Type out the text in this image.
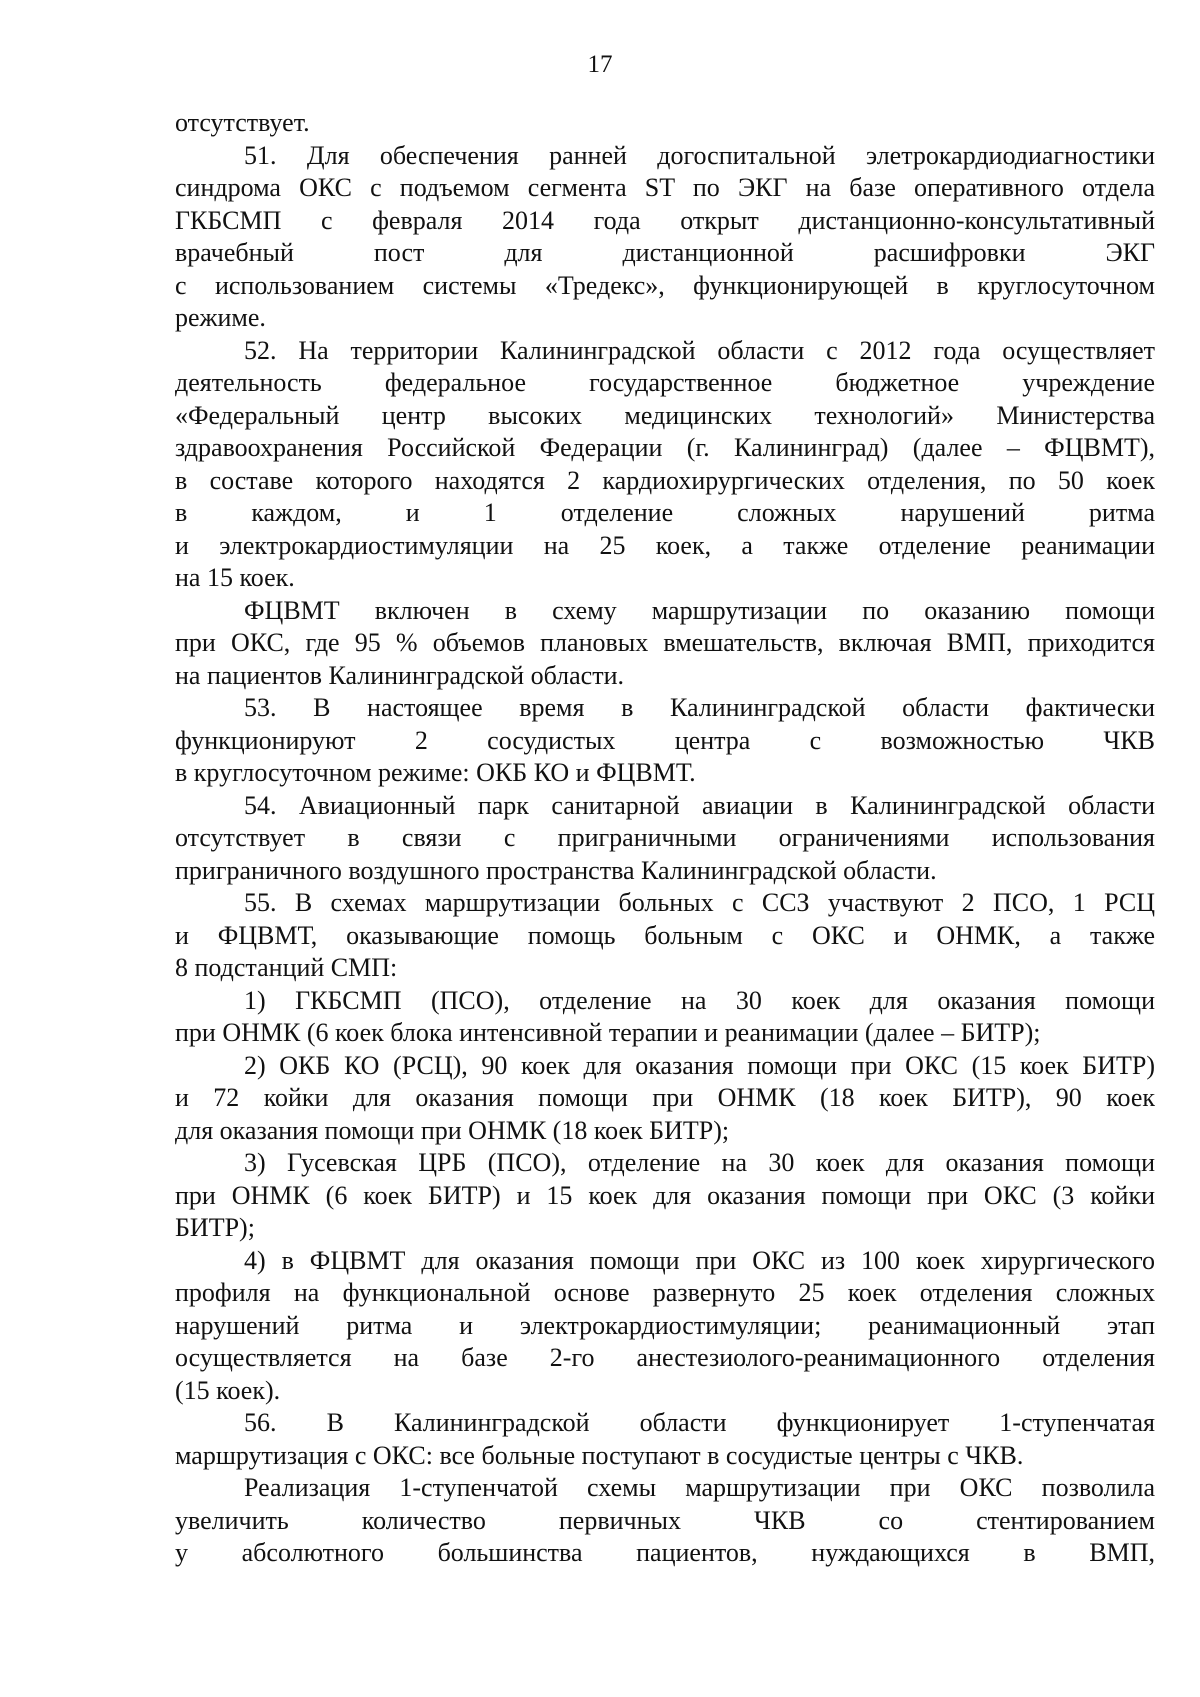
17
отсутствует.
51. Для обеспечения ранней догоспитальной элетрокардиодиагностики
синдрома ОКС с подъемом сегмента ST по ЭКГ на базе оперативного отдела
ГКБСМП с февраля 2014 года открыт дистанционно-консультативный
врачебный пост для дистанционной расшифровки ЭКГ
с использованием системы «Тредекс», функционирующей в круглосуточном
режиме.
52. На территории Калининградской области с 2012 года осуществляет
деятельность федеральное государственное бюджетное учреждение
«Федеральный центр высоких медицинских технологий» Министерства
здравоохранения Российской Федерации (г. Калининград) (далее – ФЦВМТ),
в составе которого находятся 2 кардиохирургических отделения, по 50 коек
в каждом, и 1 отделение сложных нарушений ритма
и электрокардиостимуляции на 25 коек, а также отделение реанимации
на 15 коек.
ФЦВМТ включен в схему маршрутизации по оказанию помощи
при ОКС, где 95 % объемов плановых вмешательств, включая ВМП, приходится
на пациентов Калининградской области.
53. В настоящее время в Калининградской области фактически
функционируют 2 сосудистых центра с возможностью ЧКВ
в круглосуточном режиме: ОКБ КО и ФЦВМТ.
54. Авиационный парк санитарной авиации в Калининградской области
отсутствует в связи с приграничными ограничениями использования
приграничного воздушного пространства Калининградской области.
55. В схемах маршрутизации больных с ССЗ участвуют 2 ПСО, 1 РСЦ
и ФЦВМТ, оказывающие помощь больным с ОКС и ОНМК, а также
8 подстанций СМП:
1) ГКБСМП (ПСО), отделение на 30 коек для оказания помощи
при ОНМК (6 коек блока интенсивной терапии и реанимации (далее – БИТР);
2) ОКБ КО (РСЦ), 90 коек для оказания помощи при ОКС (15 коек БИТР)
и 72 койки для оказания помощи при ОНМК (18 коек БИТР), 90 коек
для оказания помощи при ОНМК (18 коек БИТР);
3) Гусевская ЦРБ (ПСО), отделение на 30 коек для оказания помощи
при ОНМК (6 коек БИТР) и 15 коек для оказания помощи при ОКС (3 койки
БИТР);
4) в ФЦВМТ для оказания помощи при ОКС из 100 коек хирургического
профиля на функциональной основе развернуто 25 коек отделения сложных
нарушений ритма и электрокардиостимуляции; реанимационный этап
осуществляется на базе 2-го анестезиолого-реанимационного отделения
(15 коек).
56. В Калининградской области функционирует 1-ступенчатая
маршрутизация с ОКС: все больные поступают в сосудистые центры с ЧКВ.
Реализация 1-ступенчатой схемы маршрутизации при ОКС позволила
увеличить количество первичных ЧКВ со стентированием
у абсолютного большинства пациентов, нуждающихся в ВМП,
